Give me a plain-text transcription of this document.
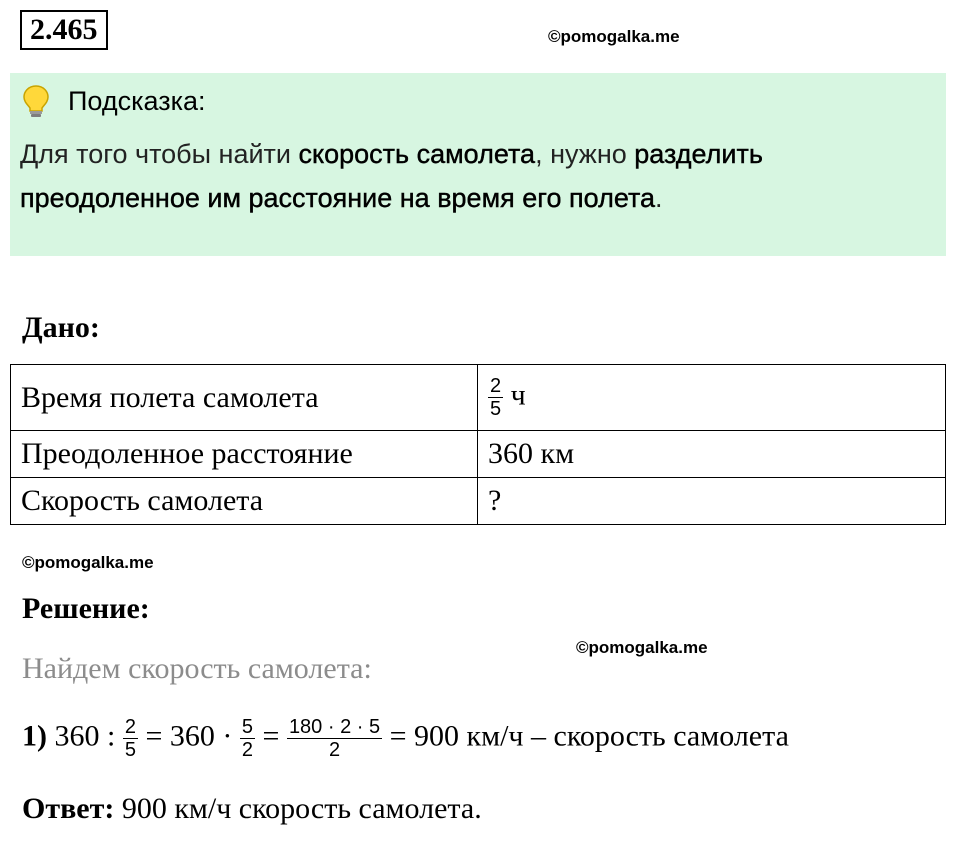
2.465	©pomogalka.me
Подсказка:
Для того чтобы найти скорость самолета, нужно разделить преодоленное им расстояние на время его полета.
Дано:
Время полета самолета	$\frac{2}{5}$ ч
Преодоленное расстояние	360 км
Скорость самолета	?
©pomogalka.me
Решение:
©pomogalka.me
Найдем скорость самолета:
1) 360 : $\frac{2}{5} = 360 \cdot \frac{5}{2} = \frac{180 \cdot 2 \cdot 5}{2} = 900$ км/ч – скорость самолета
Ответ: 900 км/ч скорость самолета.
